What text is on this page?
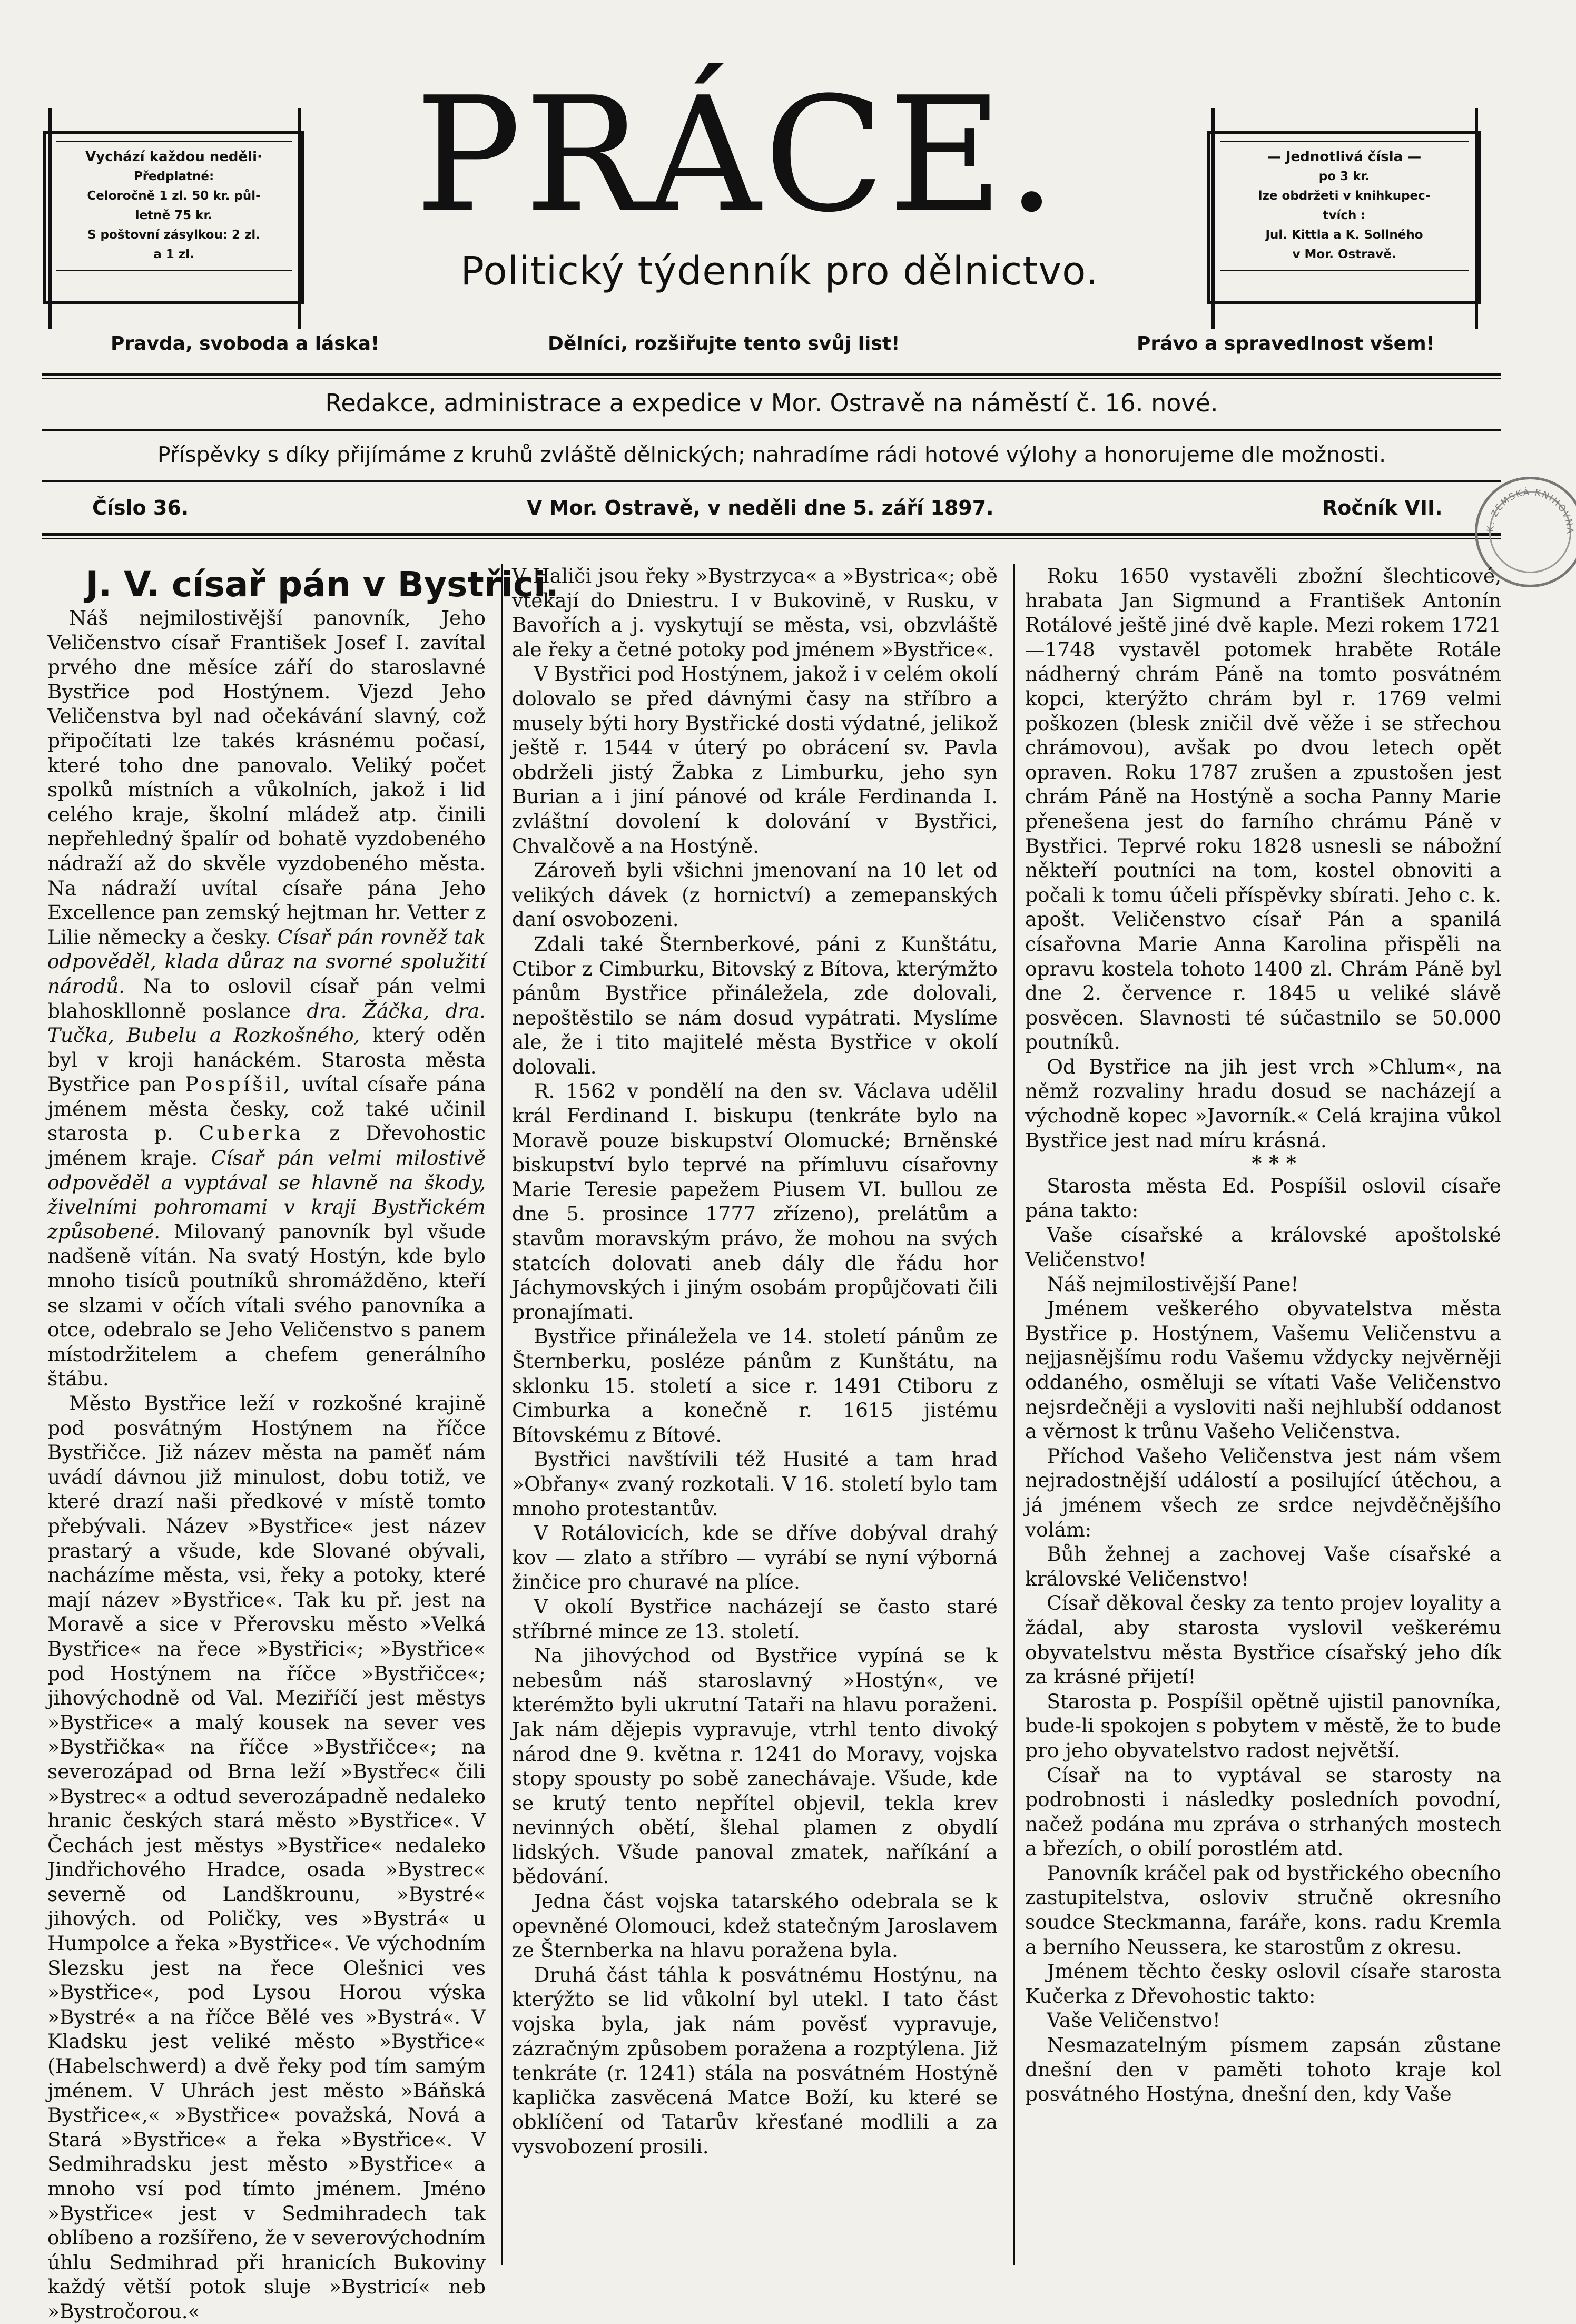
Vychází každou neděli·
Předplatné:
Celoročně 1 zl. 50 kr. půl-
letně 75 kr.
S poštovní zásylkou: 2 zl.
a 1 zl.
PRÁCE.
Politický týdenník pro dělnictvo.
— Jednotlivá čísla —
po 3 kr.
lze obdržeti v knihkupec-
tvích :
Jul. Kittla a K. Sollného
v Mor. Ostravě.
Pravda, svoboda a láska!	Dělníci, rozšiřujte tento svůj list!	Právo a spravedlnost všem!
Redakce, administrace a expedice v Mor. Ostravě na náměstí č. 16. nové.
Příspěvky s díky přijímáme z kruhů zvláště dělnických; nahradíme rádi hotové výlohy a honorujeme dle možnosti.
Číslo 36.	V Mor. Ostravě, v neděli dne 5. září 1897.	Ročník VII.
K. ZEMSKÁ KNIHOVNA

J. V. císař pán v Bystřici.

Náš nejmilostivější panovník, Jeho Veličenstvo císař František Josef I. zavítal prvého dne měsíce září do staroslavné Bystřice pod Hostýnem. Vjezd Jeho Veličenstva byl nad očekávání slavný, což připočítati lze takés krásnému počasí, které toho dne panovalo. Veliký počet spolků místních a vůkolních, jakož i lid celého kraje, školní mládež atp. činili nepřehledný špalír od bohatě vyzdobeného nádraží až do skvěle vyzdobeného města. Na nádraží uvítal císaře pána Jeho Excellence pan zemský hejtman hr. Vetter z Lilie německy a česky. Císař pán rovněž tak odpověděl, klada důraz na svorné spolužití národů. Na to oslovil císař pán velmi blahoskllonně poslance dra. Žáčka, dra. Tučka, Bubelu a Rozkošného, který oděn byl v kroji hanáckém. Starosta města Bystřice pan Pospíšil, uvítal císaře pána jménem města česky, což také učinil starosta p. Cuberka z Dřevohostic jménem kraje. Císař pán velmi milostivě odpověděl a vyptával se hlavně na škody, živelními pohromami v kraji Bystřickém způsobené. Milovaný panovník byl všude nadšeně vítán. Na svatý Hostýn, kde bylo mnoho tisíců poutníků shromážděno, kteří se slzami v očích vítali svého panovníka a otce, odebralo se Jeho Veličenstvo s panem místodržitelem a chefem generálního štábu.

Město Bystřice leží v rozkošné krajině pod posvátným Hostýnem na říčce Bystřičce. Již název města na paměť nám uvádí dávnou již minulost, dobu totiž, ve které drazí naši předkové v místě tomto přebývali. Název »Bystřice« jest název prastarý a všude, kde Slované obývali, nacházíme města, vsi, řeky a potoky, které mají název »Bystřice«. Tak ku př. jest na Moravě a sice v Přerovsku město »Velká Bystřice« na řece »Bystřici«; »Bystřice« pod Hostýnem na říčce »Bystřičce«; jihovýchodně od Val. Meziříčí jest městys »Bystřice« a malý kousek na sever ves »Bystřička« na říčce »Bystřičce«; na severozápad od Brna leží »Bystřec« čili »Bystrec« a odtud severozápadně nedaleko hranic českých stará město »Bystřice«. V Čechách jest městys »Bystřice« nedaleko Jindřichového Hradce, osada »Bystrec« severně od Landškrounu, »Bystré« jihových. od Poličky, ves »Bystrá« u Humpolce a řeka »Bystřice«. Ve východním Slezsku jest na řece Olešnici ves »Bystřice«, pod Lysou Horou výska »Bystré« a na říčce Bělé ves »Bystrá«. V Kladsku jest veliké město »Bystřice« (Habelschwerd) a dvě řeky pod tím samým jménem. V Uhrách jest město »Báňská Bystřice«,« »Bystřice« považská, Nová a Stará »Bystřice« a řeka »Bystřice«. V Sedmihradsku jest město »Bystřice« a mnoho vsí pod tímto jménem. Jméno »Bystřice« jest v Sedmihradech tak oblíbeno a rozšířeno, že v severovýchodním úhlu Sedmihrad při hranicích Bukoviny každý větší potok sluje »Bystricí« neb »Bystročorou.«

V Haliči jsou řeky »Bystrzyca« a »Bystrica«; obě vtékají do Dniestru. I v Bukovině, v Rusku, v Bavořích a j. vyskytují se města, vsi, obzvláště ale řeky a četné potoky pod jménem »Bystřice«.

V Bystřici pod Hostýnem, jakož i v celém okolí dolovalo se před dávnými časy na stříbro a musely býti hory Bystřické dosti výdatné, jelikož ještě r. 1544 v úterý po obrácení sv. Pavla obdrželi jistý Žabka z Limburku, jeho syn Burian a i jiní pánové od krále Ferdinanda I. zvláštní dovolení k dolování v Bystřici, Chvalčově a na Hostýně.

Zároveň byli všichni jmenovaní na 10 let od velikých dávek (z hornictví) a zemepanských daní osvobozeni.

Zdali také Šternberkové, páni z Kunštátu, Ctibor z Cimburku, Bitovský z Bítova, kterýmžto pánům Bystřice přináležela, zde dolovali, nepoštěstilo se nám dosud vypátrati. Myslíme ale, že i tito majitelé města Bystřice v okolí dolovali.

R. 1562 v pondělí na den sv. Václava udělil král Ferdinand I. biskupu (tenkráte bylo na Moravě pouze biskupství Olomucké; Brněnské biskupství bylo teprvé na přímluvu císařovny Marie Teresie papežem Piusem VI. bullou ze dne 5. prosince 1777 zřízeno), prelátům a stavům moravským právo, že mohou na svých statcích dolovati aneb dály dle řádu hor Jáchymovských i jiným osobám propůjčovati čili pronajímati.

Bystřice přináležela ve 14. století pánům ze Šternberku, posléze pánům z Kunštátu, na sklonku 15. století a sice r. 1491 Ctiboru z Cimburka a konečně r. 1615 jistému Bítovskému z Bítové.

Bystřici navštívili též Husité a tam hrad »Obřany« zvaný rozkotali. V 16. století bylo tam mnoho protestantův.

V Rotálovicích, kde se dříve dobýval drahý kov — zlato a stříbro — vyrábí se nyní výborná žinčice pro churavé na plíce.

V okolí Bystřice nacházejí se často staré stříbrné mince ze 13. století.

Na jihovýchod od Bystřice vypíná se k nebesům náš staroslavný »Hostýn«, ve kterémžto byli ukrutní Tataři na hlavu poraženi. Jak nám dějepis vypravuje, vtrhl tento divoký národ dne 9. května r. 1241 do Moravy, vojska stopy spousty po sobě zanechávaje. Všude, kde se krutý tento nepřítel objevil, tekla krev nevinných obětí, šlehal plamen z obydlí lidských. Všude panoval zmatek, naříkání a bědování.

Jedna část vojska tatarského odebrala se k opevněné Olomouci, kdež statečným Jaroslavem ze Šternberka na hlavu poražena byla.

Druhá část táhla k posvátnému Hostýnu, na kterýžto se lid vůkolní byl utekl. I tato část vojska byla, jak nám pověsť vypravuje, zázračným způsobem poražena a rozptýlena. Již tenkráte (r. 1241) stála na posvátném Hostýně kaplička zasvěcená Matce Boží, ku které se obklíčení od Tatarův křesťané modlili a za vysvobození prosili.

Roku 1650 vystavěli zbožní šlechticové, hrabata Jan Sigmund a František Antonín Rotálové ještě jiné dvě kaple. Mezi rokem 1721—1748 vystavěl potomek hraběte Rotále nádherný chrám Páně na tomto posvátném kopci, kterýžto chrám byl r. 1769 velmi poškozen (blesk zničil dvě věže i se střechou chrámovou), avšak po dvou letech opět opraven. Roku 1787 zrušen a zpustošen jest chrám Páně na Hostýně a socha Panny Marie přenešena jest do farního chrámu Páně v Bystřici. Teprvé roku 1828 usnesli se nábožní někteří poutníci na tom, kostel obnoviti a počali k tomu účeli příspěvky sbírati. Jeho c. k. apošt. Veličenstvo císař Pán a spanilá císařovna Marie Anna Karolina přispěli na opravu kostela tohoto 1400 zl. Chrám Páně byl dne 2. července r. 1845 u veliké slávě posvěcen. Slavnosti té súčastnilo se 50.000 poutníků.

Od Bystřice na jih jest vrch »Chlum«, na němž rozvaliny hradu dosud se nacházejí a východně kopec »Javorník.« Celá krajina vůkol Bystřice jest nad míru krásná.

* * *

Starosta města Ed. Pospíšil oslovil císaře pána takto:

Vaše císařské a královské apoštolské Veličenstvo!

Náš nejmilostivější Pane!

Jménem veškerého obyvatelstva města Bystřice p. Hostýnem, Vašemu Veličenstvu a nejjasnějšímu rodu Vašemu vždycky nejvěrněji oddaného, osměluji se vítati Vaše Veličenstvo nejsrdečněji a vysloviti naši nejhlubší oddanost a věrnost k trůnu Vašeho Veličenstva.

Příchod Vašeho Veličenstva jest nám všem nejradostnější událostí a posilující útěchou, a já jménem všech ze srdce nejvděčnějšího volám:

Bůh žehnej a zachovej Vaše císařské a královské Veličenstvo!

Císař děkoval česky za tento projev loyality a žádal, aby starosta vyslovil veškerému obyvatelstvu města Bystřice císařský jeho dík za krásné přijetí!

Starosta p. Pospíšil opětně ujistil panovníka, bude-li spokojen s pobytem v městě, že to bude pro jeho obyvatelstvo radost největší.

Císař na to vyptával se starosty na podrobnosti i následky posledních povodní, načež podána mu zpráva o strhaných mostech a březích, o obilí porostlém atd.

Panovník kráčel pak od bystřického obecního zastupitelstva, osloviv stručně okresního soudce Steckmanna, faráře, kons. radu Kremla a berního Neussera, ke starostům z okresu.

Jménem těchto česky oslovil císaře starosta Kučerka z Dřevohostic takto:

Vaše Veličenstvo!

Nesmazatelným písmem zapsán zůstane dnešní den v paměti tohoto kraje kol posvátného Hostýna, dnešní den, kdy Vaše
